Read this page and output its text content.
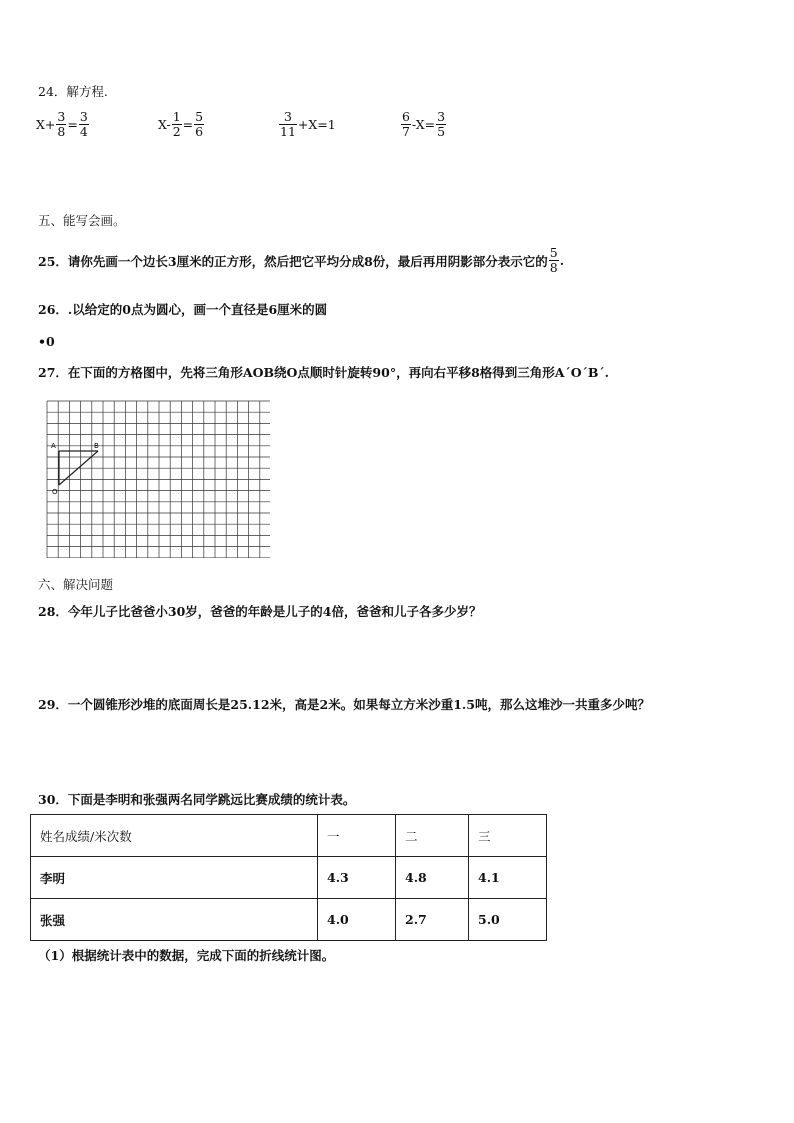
24．解方程.
$X+ \frac{3}{8} = \frac{3}{4}$	$X- \frac{1}{2} = \frac{5}{6}$	$\frac{3}{11} +X=1$	$\frac{6}{7} -X= \frac{3}{5}$
五、能写会画。
25．请你先画一个边长3厘米的正方形，然后把它平均分成8份，最后再用阴影部分表示它的 $\frac{5}{8}$ .
26．.以给定的0点为圆心，画一个直径是6厘米的圆
•0
27．在下面的方格图中，先将三角形AOB绕O点顺时针旋转90°，再向右平移8格得到三角形A´O´B´.
A	B
O
六、解决问题
28．今年儿子比爸爸小30岁，爸爸的年龄是儿子的4倍，爸爸和儿子各多少岁？
29．一个圆锥形沙堆的底面周长是25.12米，高是2米。如果每立方米沙重1.5吨，那么这堆沙一共重多少吨？
30．下面是李明和张强两名同学跳远比赛成绩的统计表。
姓名成绩/米次数	一	二	三
李明	4.3	4.8	4.1
张强	4.0	2.7	5.0
（1）根据统计表中的数据，完成下面的折线统计图。
